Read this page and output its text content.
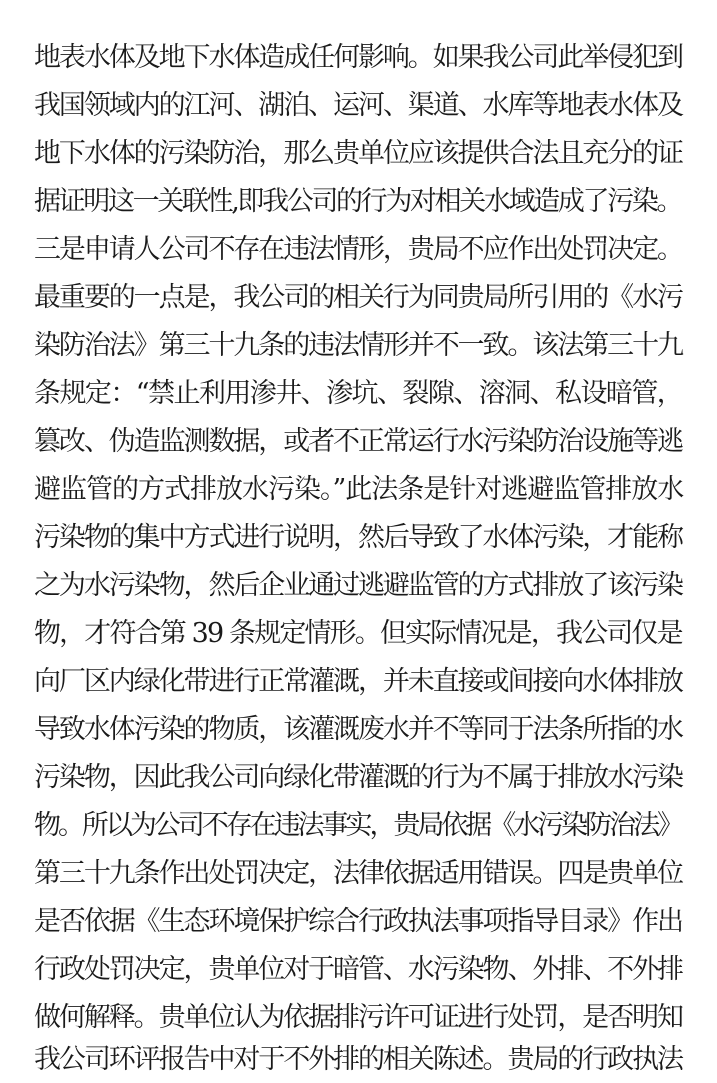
地表水体及地下水体造成任何影响。如果我公司此举侵犯到
我国领域内的江河、湖泊、运河、渠道、水库等地表水体及
地下水体的污染防治，那么贵单位应该提供合法且充分的证
据证明这一关联性,即我公司的行为对相关水域造成了污染。
三是申请人公司不存在违法情形，贵局不应作出处罚决定。
最重要的一点是，我公司的相关行为同贵局所引用的《水污
染防治法》第三十九条的违法情形并不一致。该法第三十九
条规定：“禁止利用渗井、渗坑、裂隙、溶洞、私设暗管，
篡改、伪造监测数据，或者不正常运行水污染防治设施等逃
避监管的方式排放水污染。”此法条是针对逃避监管排放水
污染物的集中方式进行说明，然后导致了水体污染，才能称
之为水污染物，然后企业通过逃避监管的方式排放了该污染
物，才符合第 39 条规定情形。但实际情况是，我公司仅是
向厂区内绿化带进行正常灌溉，并未直接或间接向水体排放
导致水体污染的物质，该灌溉废水并不等同于法条所指的水
污染物，因此我公司向绿化带灌溉的行为不属于排放水污染
物。所以为公司不存在违法事实，贵局依据《水污染防治法》
第三十九条作出处罚决定，法律依据适用错误。四是贵单位
是否依据《生态环境保护综合行政执法事项指导目录》作出
行政处罚决定，贵单位对于暗管、水污染物、外排、不外排
做何解释。贵单位认为依据排污许可证进行处罚，是否明知
我公司环评报告中对于不外排的相关陈述。贵局的行政执法
